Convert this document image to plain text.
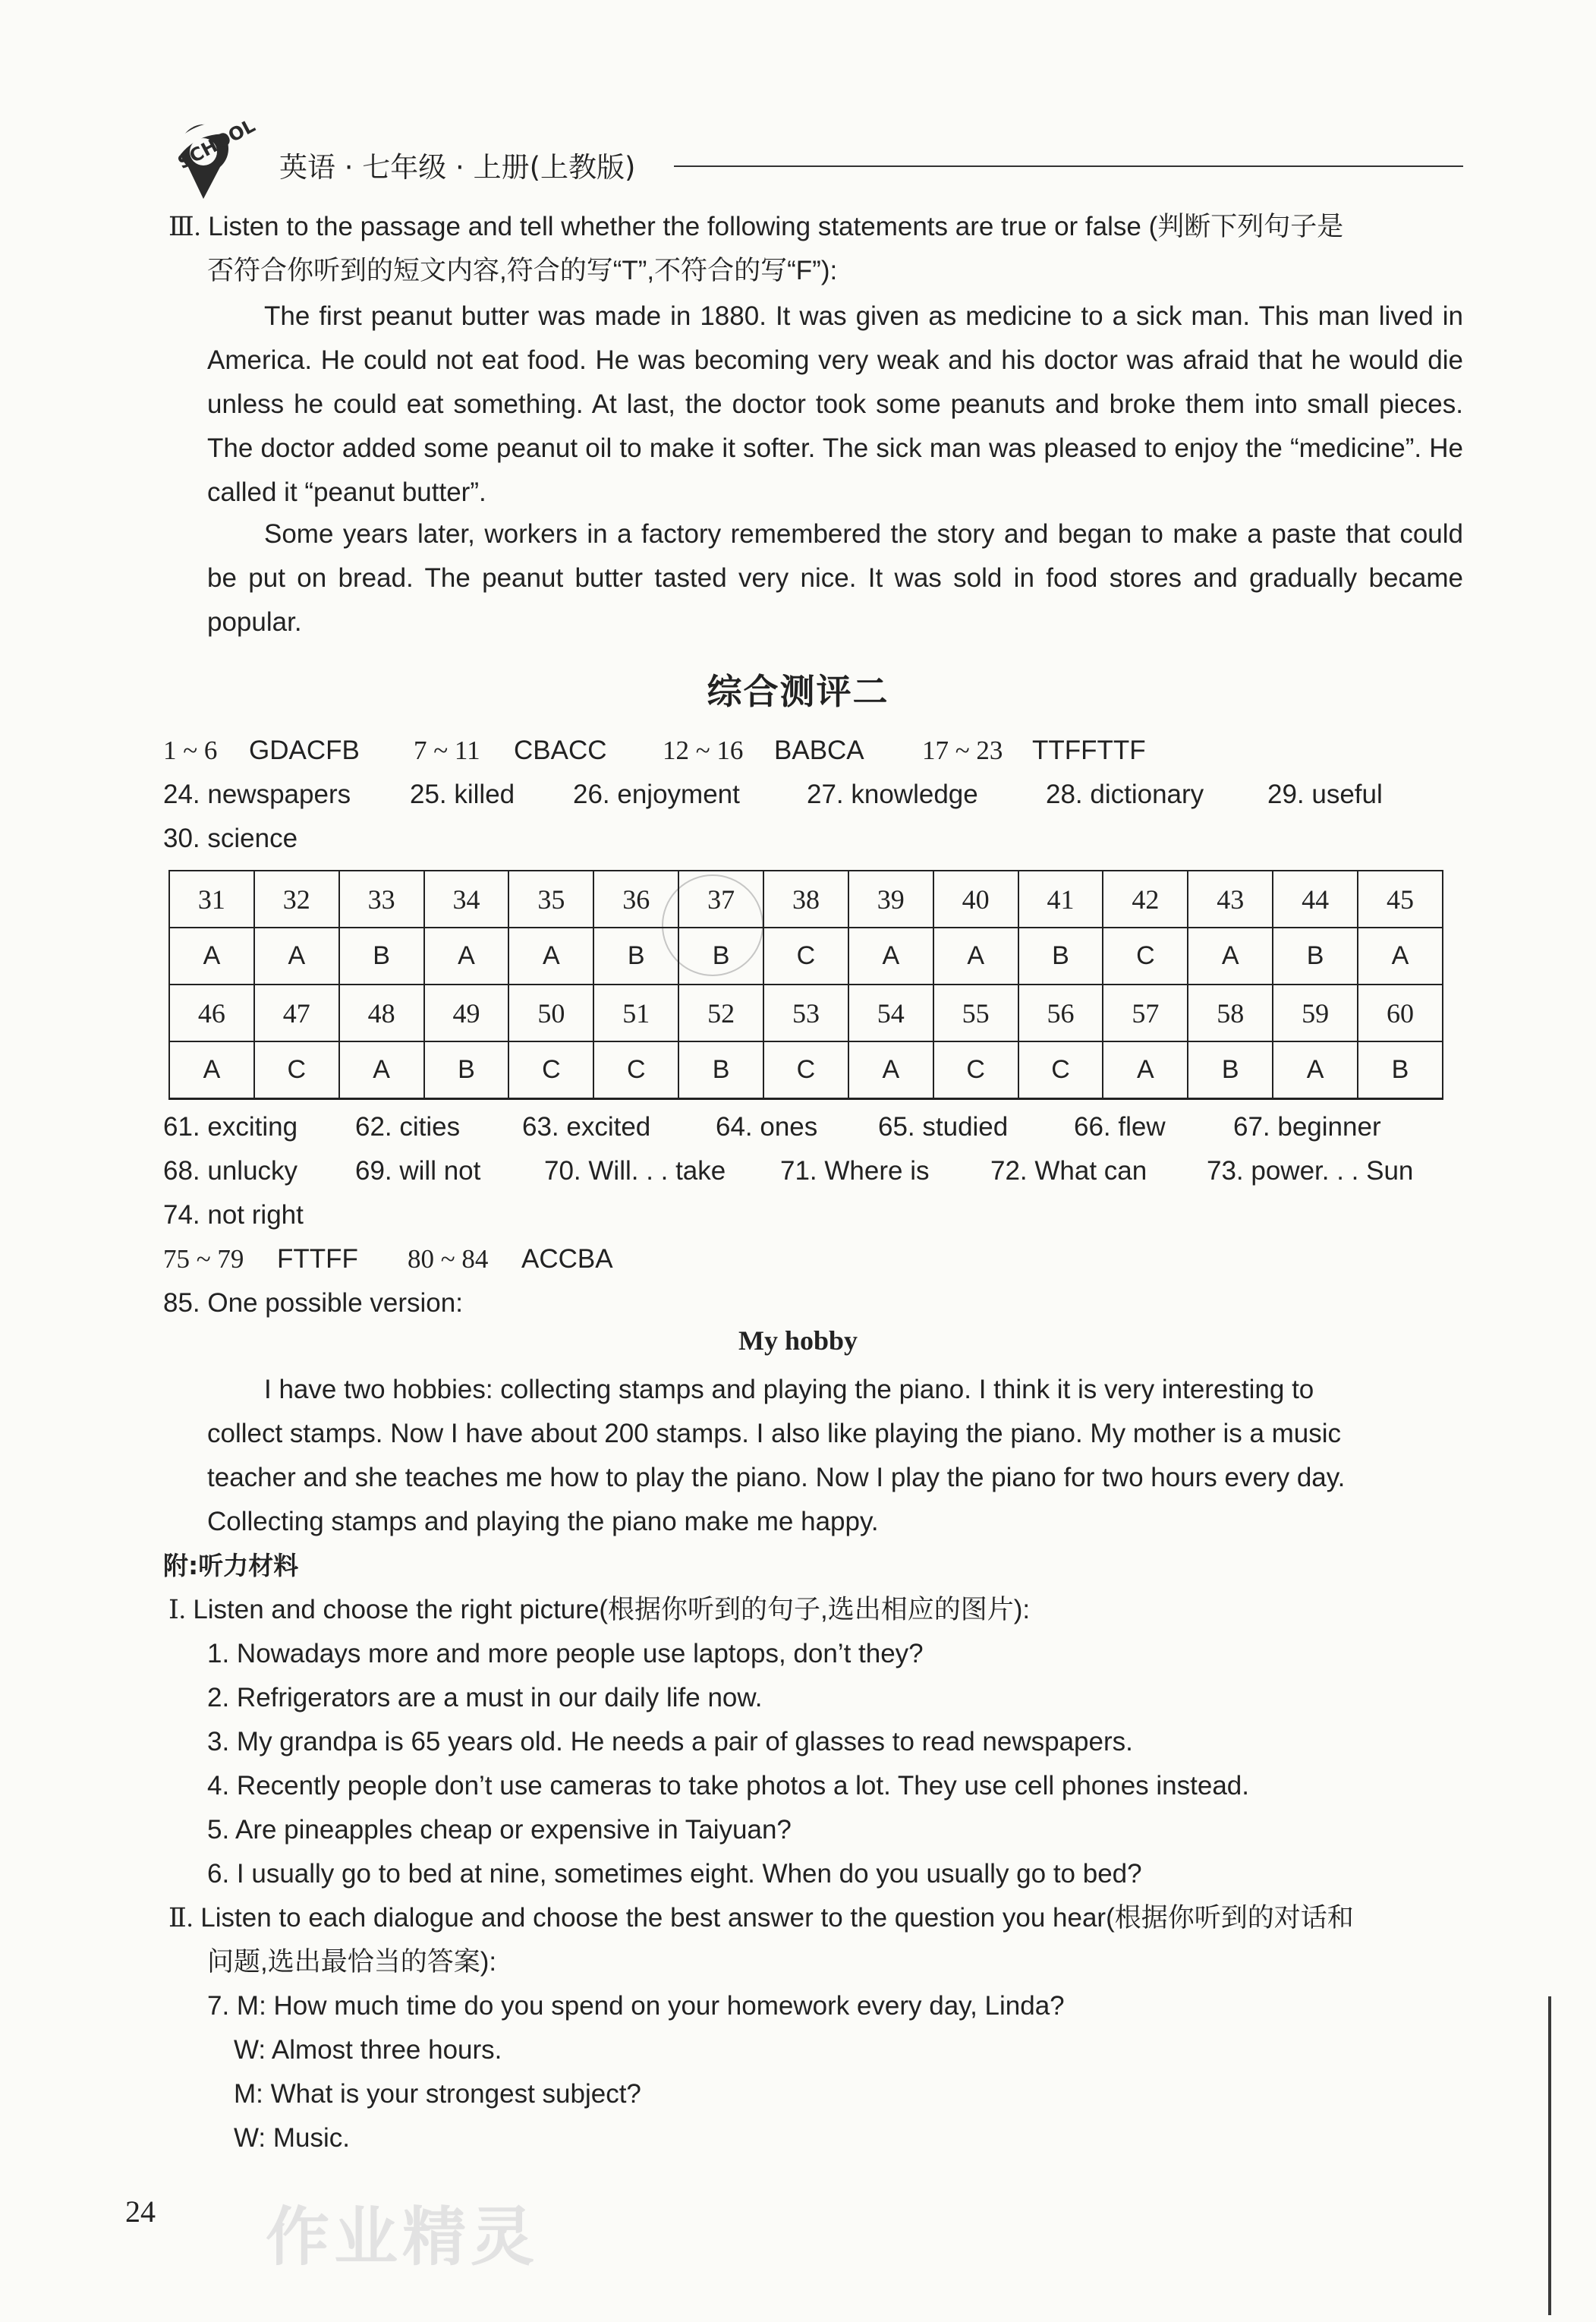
SCHOOL 英语 · 七年级 · 上册(上教版)
Ⅲ. Listen to the passage and tell whether the following statements are true or false (判断下列句子是
否符合你听到的短文内容,符合的写“T”,不符合的写“F”):
The first peanut butter was made in 1880. It was given as medicine to a sick man. This man lived in America. He could not eat food. He was becoming very weak and his doctor was afraid that he would die unless he could eat something. At last, the doctor took some peanuts and broke them into small pieces. The doctor added some peanut oil to make it softer. The sick man was pleased to enjoy the “medicine”. He called it “peanut butter”.
Some years later, workers in a factory remembered the story and began to make a paste that could be put on bread. The peanut butter tasted very nice. It was sold in food stores and gradually became popular.
综合测评二
1 ~ 6 GDACFB 7 ~ 11 CBACC 12 ~ 16 BABCA 17 ~ 23 TTFFTTF
24. newspapers 25. killed 26. enjoyment	27. knowledge	28. dictionary 29. useful
30. science
31	32	33	34	35	36	37	38	39	40	41	42	43	44	45
A	A	B	A	A	B	B	C	A	A	B	C	A	B	A
46	47	48	49	50	51	52	53	54	55	56	57	58	59	60
A	C	A	B	C	C	B	C	A	C	C	A	B	A	B
61. exciting 62. cities 63. excited 64. ones 65. studied 66. flew	67. beginner
68. unlucky 69. will not 70. Will. . . take 71. Where is 72. What can 73. power. . . Sun
74. not right
75 ~ 79 FTTFF 80 ~ 84 ACCBA
85. One possible version:
My hobby
I have two hobbies: collecting stamps and playing the piano. I think it is very interesting to
collect stamps. Now I have about 200 stamps. I also like playing the piano. My mother is a music
teacher and she teaches me how to play the piano. Now I play the piano for two hours every day.
Collecting stamps and playing the piano make me happy.
附:听力材料
Ⅰ. Listen and choose the right picture(根据你听到的句子,选出相应的图片):
1. Nowadays more and more people use laptops, don’t they?
2. Refrigerators are a must in our daily life now.
3. My grandpa is 65 years old. He needs a pair of glasses to read newspapers.
4. Recently people don’t use cameras to take photos a lot. They use cell phones instead.
5. Are pineapples cheap or expensive in Taiyuan?
6. I usually go to bed at nine, sometimes eight. When do you usually go to bed?
Ⅱ. Listen to each dialogue and choose the best answer to the question you hear(根据你听到的对话和
问题,选出最恰当的答案):
7. M: How much time do you spend on your homework every day, Linda?
W: Almost three hours.
M: What is your strongest subject?
W: Music.
24 作业精灵
